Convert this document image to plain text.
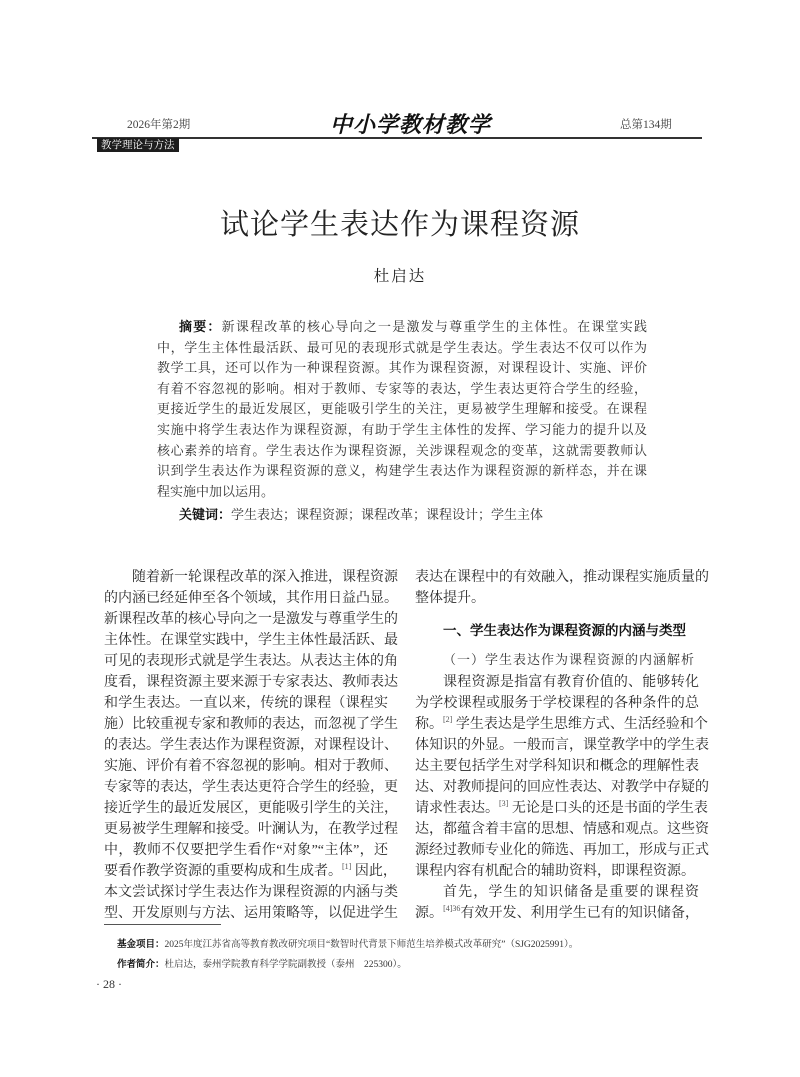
2026年第2期	中小学教材教学	总第134期
教学理论与方法
试论学生表达作为课程资源
杜启达
摘要：新课程改革的核心导向之一是激发与尊重学生的主体性。在课堂实践
中，学生主体性最活跃、最可见的表现形式就是学生表达。学生表达不仅可以作为
教学工具，还可以作为一种课程资源。其作为课程资源，对课程设计、实施、评价
有着不容忽视的影响。相对于教师、专家等的表达，学生表达更符合学生的经验，
更接近学生的最近发展区，更能吸引学生的关注，更易被学生理解和接受。在课程
实施中将学生表达作为课程资源，有助于学生主体性的发挥、学习能力的提升以及
核心素养的培育。学生表达作为课程资源，关涉课程观念的变革，这就需要教师认
识到学生表达作为课程资源的意义，构建学生表达作为课程资源的新样态，并在课
程实施中加以运用。
关键词：学生表达；课程资源；课程改革；课程设计；学生主体
随着新一轮课程改革的深入推进，课程资源
的内涵已经延伸至各个领域，其作用日益凸显。
新课程改革的核心导向之一是激发与尊重学生的
主体性。在课堂实践中，学生主体性最活跃、最
可见的表现形式就是学生表达。从表达主体的角
度看，课程资源主要来源于专家表达、教师表达
和学生表达。一直以来，传统的课程（课程实
施）比较重视专家和教师的表达，而忽视了学生
的表达。学生表达作为课程资源，对课程设计、
实施、评价有着不容忽视的影响。相对于教师、
专家等的表达，学生表达更符合学生的经验，更
接近学生的最近发展区，更能吸引学生的关注，
更易被学生理解和接受。叶澜认为，在教学过程
中，教师不仅要把学生看作“对象”“主体”，还
要看作教学资源的重要构成和生成者。[1] 因此，
本文尝试探讨学生表达作为课程资源的内涵与类
型、开发原则与方法、运用策略等，以促进学生
表达在课程中的有效融入，推动课程实施质量的
整体提升。
一、学生表达作为课程资源的内涵与类型
（一）学生表达作为课程资源的内涵解析
课程资源是指富有教育价值的、能够转化
为学校课程或服务于学校课程的各种条件的总
称。[2] 学生表达是学生思维方式、生活经验和个
体知识的外显。一般而言，课堂教学中的学生表
达主要包括学生对学科知识和概念的理解性表
达、对教师提问的回应性表达、对教学中存疑的
请求性表达。[3] 无论是口头的还是书面的学生表
达，都蕴含着丰富的思想、情感和观点。这些资
源经过教师专业化的筛选、再加工，形成与正式
课程内容有机配合的辅助资料，即课程资源。
首先，学生的知识储备是重要的课程资
源。$^{[4]36}$有效开发、利用学生已有的知识储备，
基金项目：2025年度江苏省高等教育教改研究项目“数智时代背景下师范生培养模式改革研究”（SJG2025991）。
作者简介：杜启达，泰州学院教育科学学院副教授（泰州　225300）。
· 28 ·
